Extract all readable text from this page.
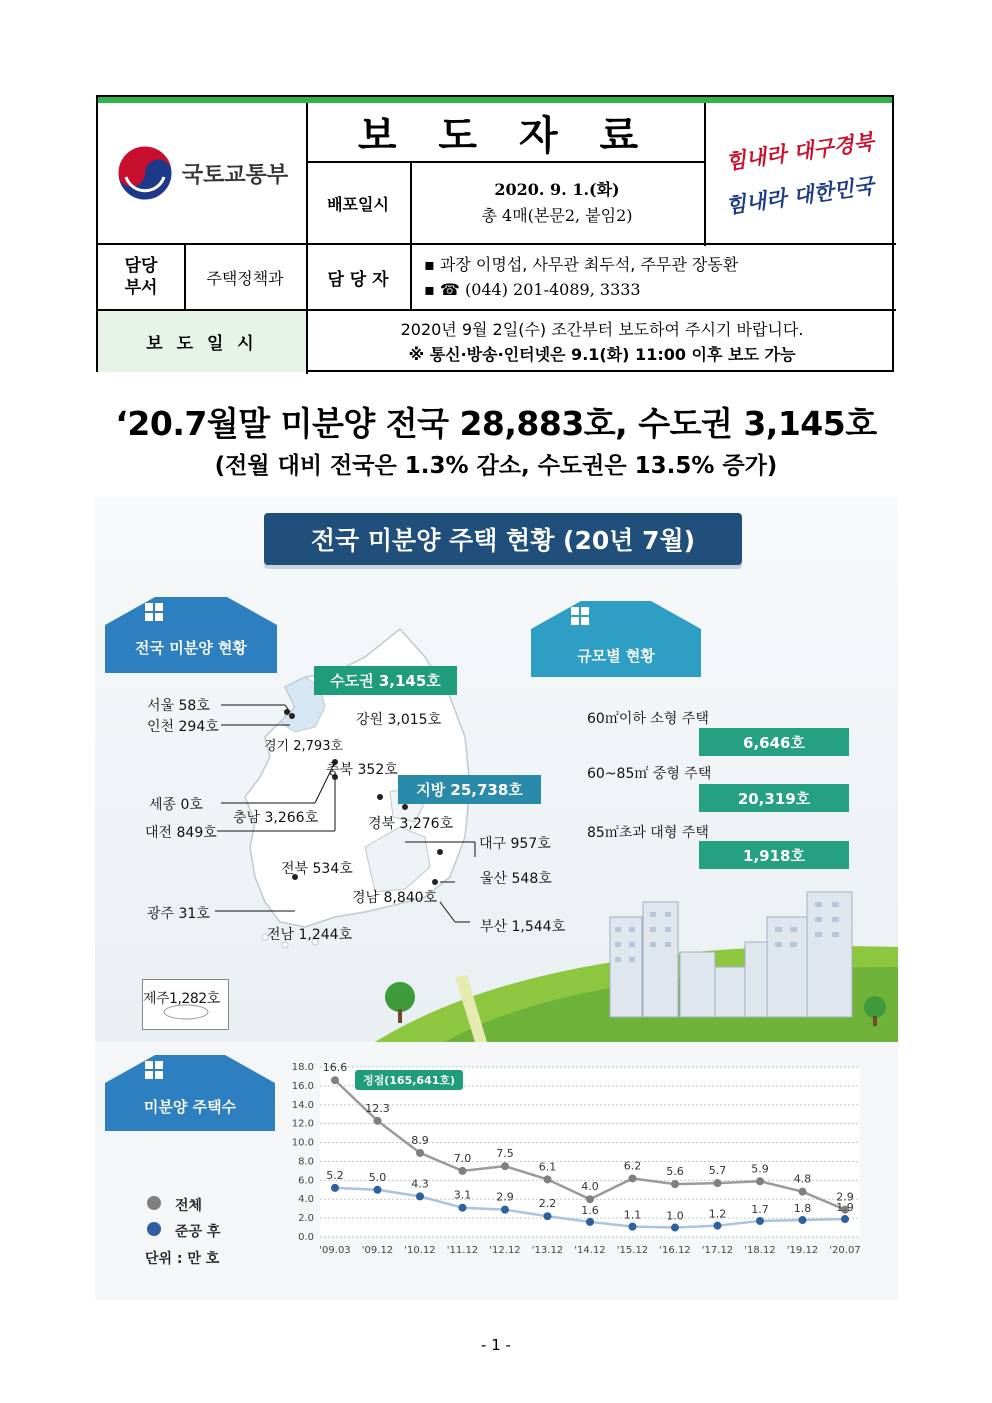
국토교통부
보 도 자 료
배포일시
2020. 9. 1.(화)
총 4매(본문2, 붙임2)
힘내라 대구경북
힘내라 대한민국
담당
부서	주택정책과	담 당 자
▪ 과장 이명섭, 사무관 최두석, 주무관 장동환
▪ ☎ (044) 201-4089, 3333
보 도 일 시
2020년 9월 2일(수) 조간부터 보도하여 주시기 바랍니다.
※ 통신·방송·인터넷은 9.1(화) 11:00 이후 보도 가능
‘20.7월말 미분양 전국 28,883호, 수도권 3,145호
(전월 대비 전국은 1.3% 감소, 수도권은 13.5% 증가)
전국 미분양 주택 현황 (20년 7월)
전국 미분양 현황	규모별 현황
수도권 3,145호
지방 25,738호
서울 58호
인천 294호	강원 3,015호
경기 2,793호
충북 352호
세종 0호
충남 3,266호
대전 849호
경북 3,276호
대구 957호
전북 534호
울산 548호
경남 8,840호
광주 31호
부산 1,544호
전남 1,244호
제주1,282호
60㎡이하 소형 주택
6,646호
60~85㎡ 중형 주택
20,319호
85㎡초과 대형 주택
1,918호
미분양 주택수
전체
준공 후
단위 : 만 호
18.0
16.0
14.0
12.0
10.0
8.0
6.0
4.0
2.0
0.0
'09.03 '09.12 '10.12 '11.12 '12.12 '13.12 '14.12 '15.12 '16.12 '17.12 '18.12 '19.12 '20.07
16.6
12.3
8.9
7.0 7.5
6.1
4.0
6.2 5.6 5.7 5.9
4.8
2.9
5.2 5.0
4.3
3.1 2.9
2.2
1.6 1.1 1.0 1.2 1.7 1.8 1.9
정점(165,641호)
- 1 -
